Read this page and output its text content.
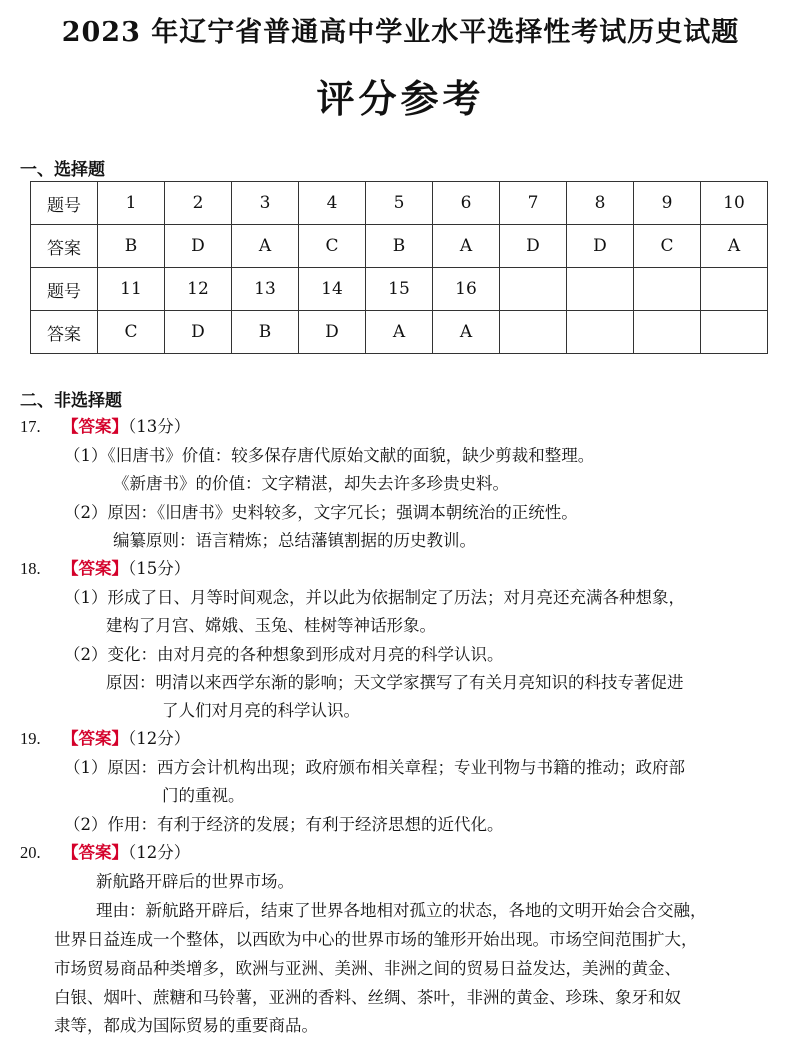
2023 年辽宁省普通高中学业水平选择性考试历史试题
评分参考
一、选择题
题号	1	2	3	4	5	6	7	8	9	10
答案	B	D	A	C	B	A	D	D	C	A
题号	11	12	13	14	15	16				
答案	C	D	B	D	A	A				
二、非选择题
17. 【答案】（13分）
（1）《旧唐书》价值：较多保存唐代原始文献的面貌，缺少剪裁和整理。
《新唐书》的价值：文字精湛，却失去许多珍贵史料。
（2）原因：《旧唐书》史料较多，文字冗长；强调本朝统治的正统性。
编纂原则：语言精炼；总结藩镇割据的历史教训。
18. 【答案】（15分）
（1）形成了日、月等时间观念，并以此为依据制定了历法；对月亮还充满各种想象，
建构了月宫、嫦娥、玉兔、桂树等神话形象。
（2）变化：由对月亮的各种想象到形成对月亮的科学认识。
原因：明清以来西学东渐的影响；天文学家撰写了有关月亮知识的科技专著促进
了人们对月亮的科学认识。
19. 【答案】（12分）
（1）原因：西方会计机构出现；政府颁布相关章程；专业刊物与书籍的推动；政府部
门的重视。
（2）作用：有利于经济的发展；有利于经济思想的近代化。
20. 【答案】（12分）
新航路开辟后的世界市场。
理由：新航路开辟后，结束了世界各地相对孤立的状态，各地的文明开始会合交融，
世界日益连成一个整体，以西欧为中心的世界市场的雏形开始出现。市场空间范围扩大，
市场贸易商品种类增多，欧洲与亚洲、美洲、非洲之间的贸易日益发达，美洲的黄金、
白银、烟叶、蔗糖和马铃薯，亚洲的香料、丝绸、茶叶，非洲的黄金、珍珠、象牙和奴
隶等，都成为国际贸易的重要商品。
